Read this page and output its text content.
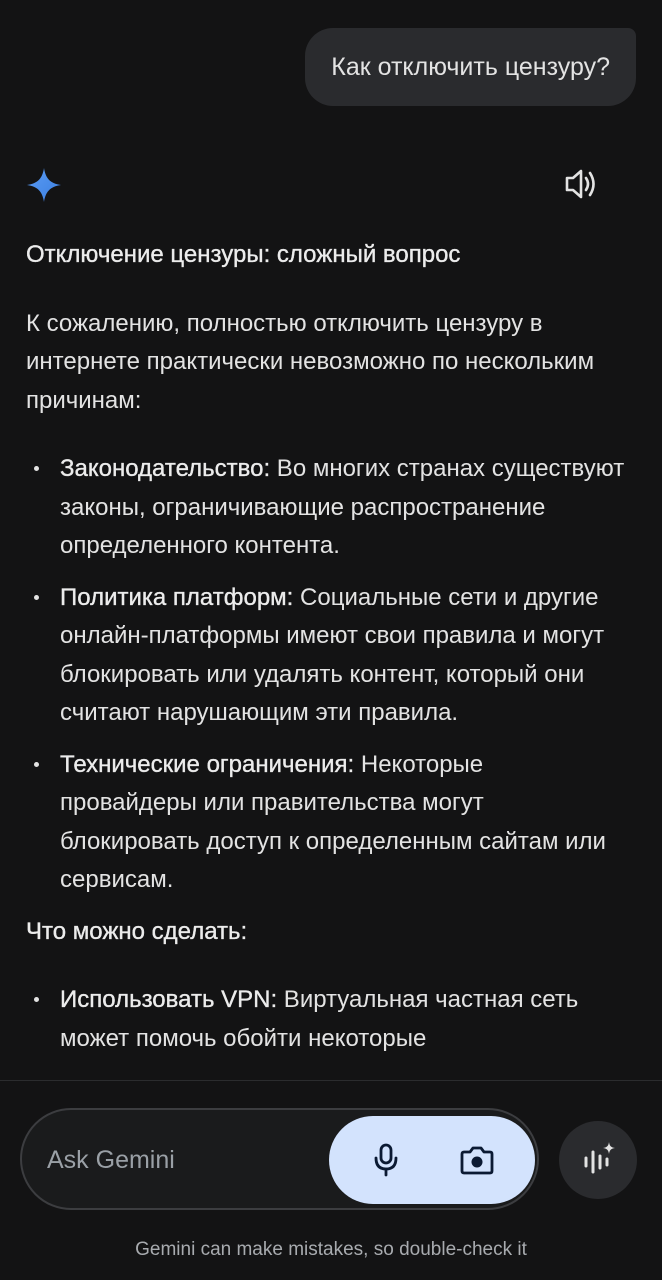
Как отключить цензуру?
Отключение цензуры: сложный вопрос

К сожалению, полностью отключить цензуру в интернете практически невозможно по нескольким причинам:

Законодательство: Во многих странах существуют законы, ограничивающие распространение определенного контента.
Политика платформ: Социальные сети и другие онлайн-платформы имеют свои правила и могут блокировать или удалять контент, который они считают нарушающим эти правила.
Технические ограничения: Некоторые провайдеры или правительства могут блокировать доступ к определенным сайтам или сервисам.
Что можно сделать:
Использовать VPN: Виртуальная частная сеть может помочь обойти некоторые
Ask Gemini
Gemini can make mistakes, so double-check it
